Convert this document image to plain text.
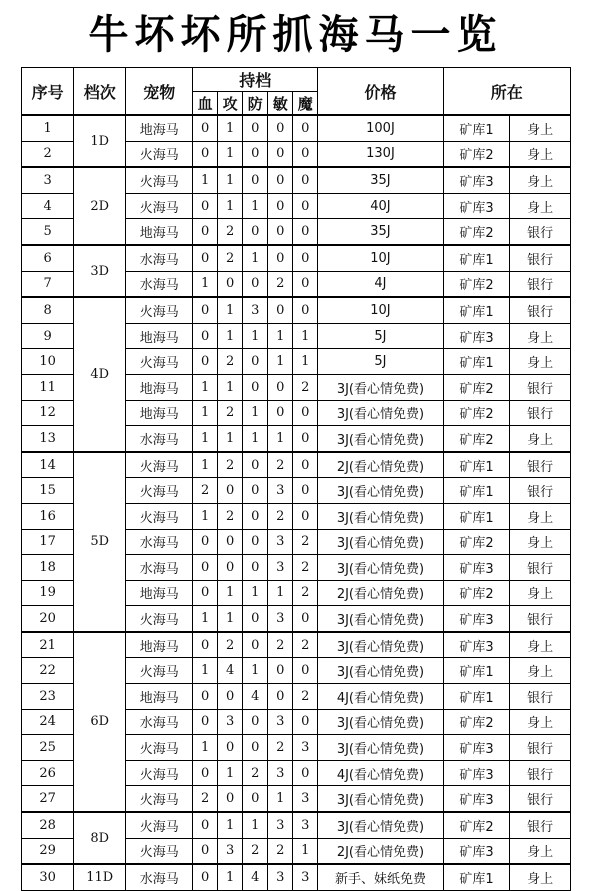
牛坏坏所抓海马一览
序号	档次	宠物	持档					价格	所在	
			血	攻	防	敏	魔			
1	1D	地海马	0	1	0	0	0	100J	矿库1	身上
2		火海马	0	1	0	0	0	130J	矿库2	身上
3	2D	火海马	1	1	0	0	0	35J	矿库3	身上
4		火海马	0	1	1	0	0	40J	矿库3	身上
5		地海马	0	2	0	0	0	35J	矿库2	银行
6	3D	水海马	0	2	1	0	0	10J	矿库1	银行
7		水海马	1	0	0	2	0	4J	矿库2	银行
8	4D	火海马	0	1	3	0	0	10J	矿库1	银行
9		地海马	0	1	1	1	1	5J	矿库3	身上
10		火海马	0	2	0	1	1	5J	矿库1	身上
11		地海马	1	1	0	0	2	3J(看心情免费)	矿库2	银行
12		地海马	1	2	1	0	0	3J(看心情免费)	矿库2	银行
13		水海马	1	1	1	1	0	3J(看心情免费)	矿库2	身上
14	5D	火海马	1	2	0	2	0	2J(看心情免费)	矿库1	银行
15		火海马	2	0	0	3	0	3J(看心情免费)	矿库1	银行
16		火海马	1	2	0	2	0	3J(看心情免费)	矿库1	身上
17		水海马	0	0	0	3	2	3J(看心情免费)	矿库2	身上
18		水海马	0	0	0	3	2	3J(看心情免费)	矿库3	银行
19		地海马	0	1	1	1	2	2J(看心情免费)	矿库2	身上
20		火海马	1	1	0	3	0	3J(看心情免费)	矿库3	银行
21	6D	地海马	0	2	0	2	2	3J(看心情免费)	矿库3	身上
22		火海马	1	4	1	0	0	3J(看心情免费)	矿库1	身上
23		地海马	0	0	4	0	2	4J(看心情免费)	矿库1	银行
24		水海马	0	3	0	3	0	3J(看心情免费)	矿库2	身上
25		火海马	1	0	0	2	3	3J(看心情免费)	矿库3	银行
26		火海马	0	1	2	3	0	4J(看心情免费)	矿库3	银行
27		火海马	2	0	0	1	3	3J(看心情免费)	矿库3	银行
28	8D	火海马	0	1	1	3	3	3J(看心情免费)	矿库2	银行
29		火海马	0	3	2	2	1	2J(看心情免费)	矿库3	身上
30	11D	水海马	0	1	4	3	3	新手、妹纸免费	矿库1	身上
